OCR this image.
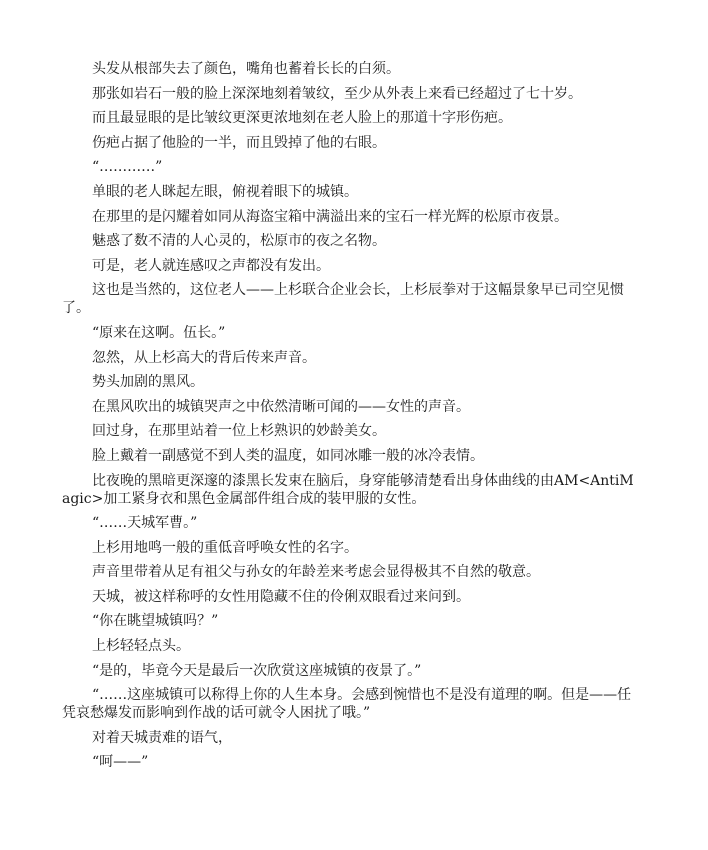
头发从根部失去了颜色，嘴角也蓄着长长的白须。

那张如岩石一般的脸上深深地刻着皱纹，至少从外表上来看已经超过了七十岁。

而且最显眼的是比皱纹更深更浓地刻在老人脸上的那道十字形伤疤。

伤疤占据了他脸的一半，而且毁掉了他的右眼。

“…………”

单眼的老人眯起左眼，俯视着眼下的城镇。

在那里的是闪耀着如同从海盗宝箱中满溢出来的宝石一样光辉的松原市夜景。

魅惑了数不清的人心灵的，松原市的夜之名物。

可是，老人就连感叹之声都没有发出。

这也是当然的，这位老人——上杉联合企业会长，上杉辰拳对于这幅景象早已司空见惯了。

“原来在这啊。伍长。”

忽然，从上杉高大的背后传来声音。

势头加剧的黑风。

在黑风吹出的城镇哭声之中依然清晰可闻的——女性的声音。

回过身，在那里站着一位上杉熟识的妙龄美女。

脸上戴着一副感觉不到人类的温度，如同冰雕一般的冰冷表情。

比夜晚的黑暗更深邃的漆黑长发束在脑后，身穿能够清楚看出身体曲线的由AM<AntiMagic>加工紧身衣和黑色金属部件组合成的装甲服的女性。

“……天城军曹。”

上杉用地鸣一般的重低音呼唤女性的名字。

声音里带着从足有祖父与孙女的年龄差来考虑会显得极其不自然的敬意。

天城，被这样称呼的女性用隐藏不住的伶俐双眼看过来问到。

“你在眺望城镇吗？”

上杉轻轻点头。

“是的，毕竟今天是最后一次欣赏这座城镇的夜景了。”

“……这座城镇可以称得上你的人生本身。会感到惋惜也不是没有道理的啊。但是——任凭哀愁爆发而影响到作战的话可就令人困扰了哦。”

对着天城责难的语气，

“呵——”
